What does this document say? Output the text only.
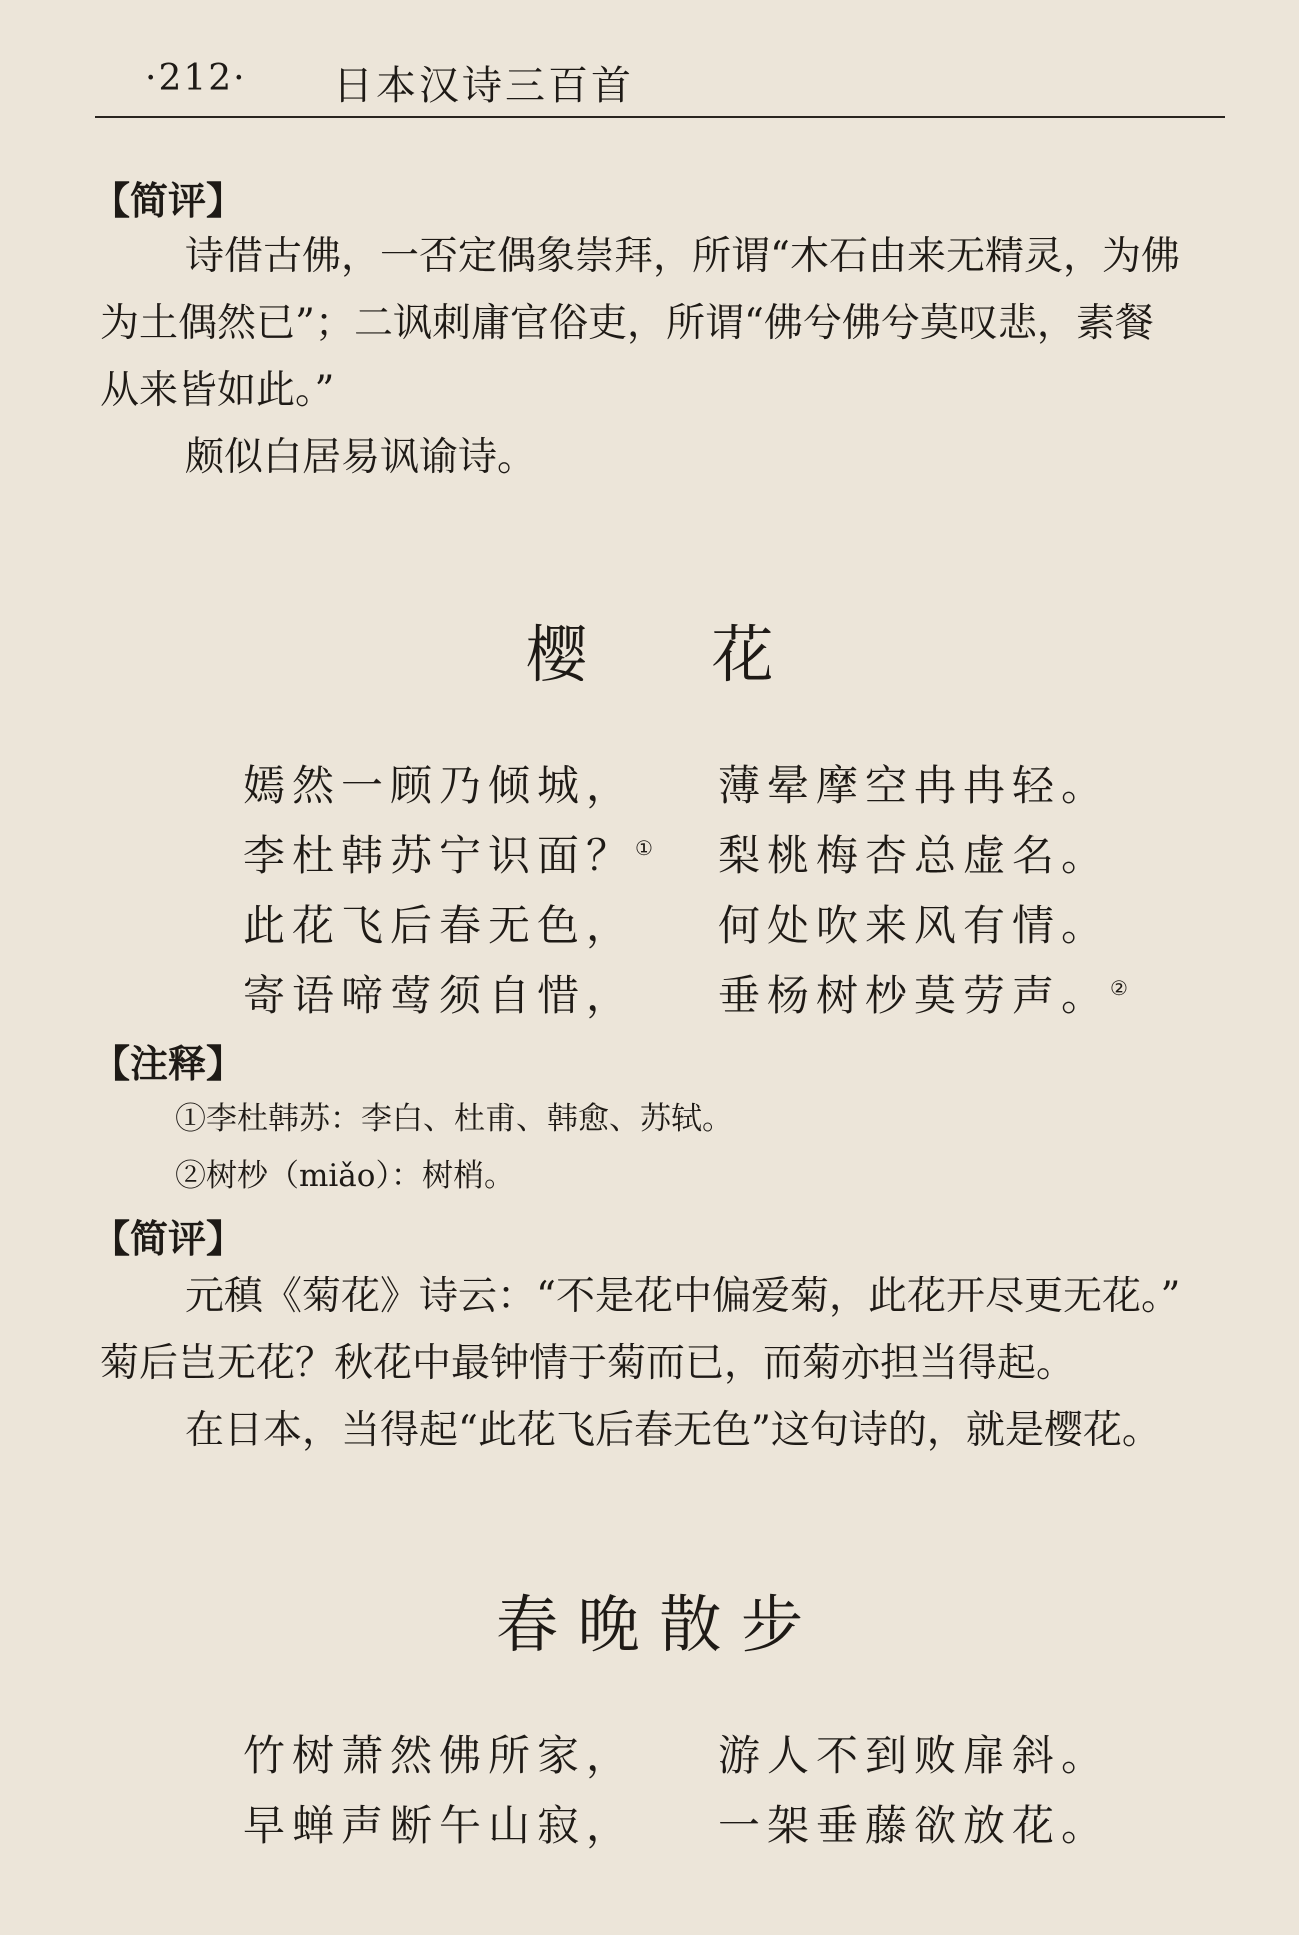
·212· 日本汉诗三百首
【简评】
诗借古佛，一否定偶象崇拜，所谓“木石由来无精灵，为佛
为土偶然已”；二讽刺庸官俗吏，所谓“佛兮佛兮莫叹悲，素餐
从来皆如此。”
颇似白居易讽谕诗。
樱　　花
嫣然一顾乃倾城， 薄晕摩空冉冉轻。
李杜韩苏宁识面？① 梨桃梅杏总虚名。
此花飞后春无色， 何处吹来风有情。
寄语啼莺须自惜， 垂杨树杪莫劳声。②
【注释】
①李杜韩苏：李白、杜甫、韩愈、苏轼。
②树杪（miǎo）：树梢。
【简评】
元稹《菊花》诗云：“不是花中偏爱菊，此花开尽更无花。”
菊后岂无花？秋花中最钟情于菊而已，而菊亦担当得起。
在日本，当得起“此花飞后春无色”这句诗的，就是樱花。
春 晚 散 步
竹树萧然佛所家， 游人不到败扉斜。
早蝉声断午山寂， 一架垂藤欲放花。
